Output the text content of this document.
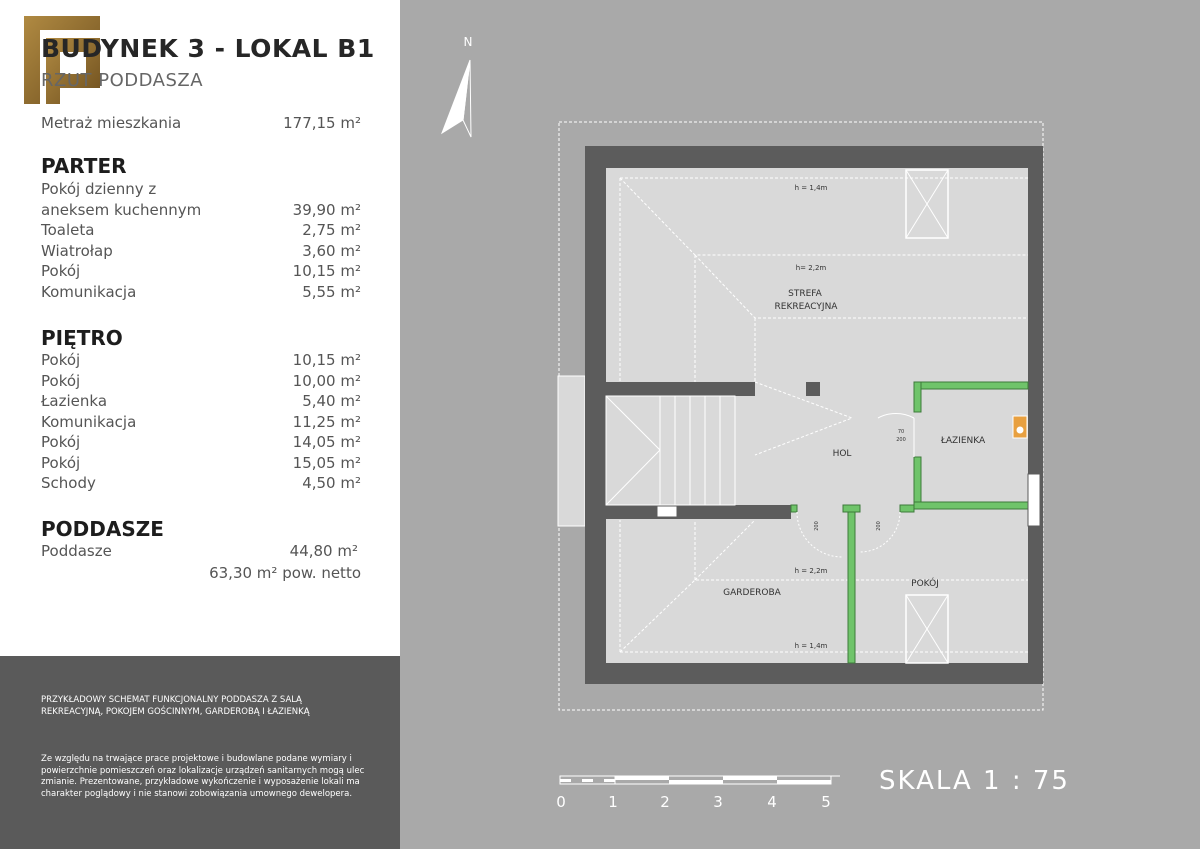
BUDYNEK 3 - LOKAL B1
RZUT PODDASZA
Metraż mieszkania	177,15 m²
PARTER
Pokój dzienny z
aneksem kuchennym	39,90 m²
Toaleta	2,75 m²
Wiatrołap	3,60 m²
Pokój	10,15 m²
Komunikacja	5,55 m²
PIĘTRO
Pokój	10,15 m²
Pokój	10,00 m²
Łazienka	5,40 m²
Komunikacja	11,25 m²
Pokój	14,05 m²
Pokój	15,05 m²
Schody	4,50 m²
PODDASZE
Poddasze	44,80 m²
63,30 m² pow. netto
PRZYKŁADOWY SCHEMAT FUNKCJONALNY PODDASZA Z SALĄ REKREACYJNĄ, POKOJEM GOŚCINNYM, GARDEROBĄ I ŁAZIENKĄ
Ze względu na trwające prace projektowe i budowlane podane wymiary i powierzchnie pomieszczeń oraz lokalizacje urządzeń sanitarnych mogą ulec zmianie. Prezentowane, przykładowe wykończenie i wyposażenie lokali ma charakter poglądowy i nie stanowi zobowiązania umownego dewelopera.
N
STREFA
REKREACYJNA
HOL
ŁAZIENKA
GARDEROBA
POKÓJ
h = 1,4m
h= 2,2m
h = 2,2m
h = 1,4m
70
200
200	200
0	1	2	3	4	5
SKALA 1 : 75
